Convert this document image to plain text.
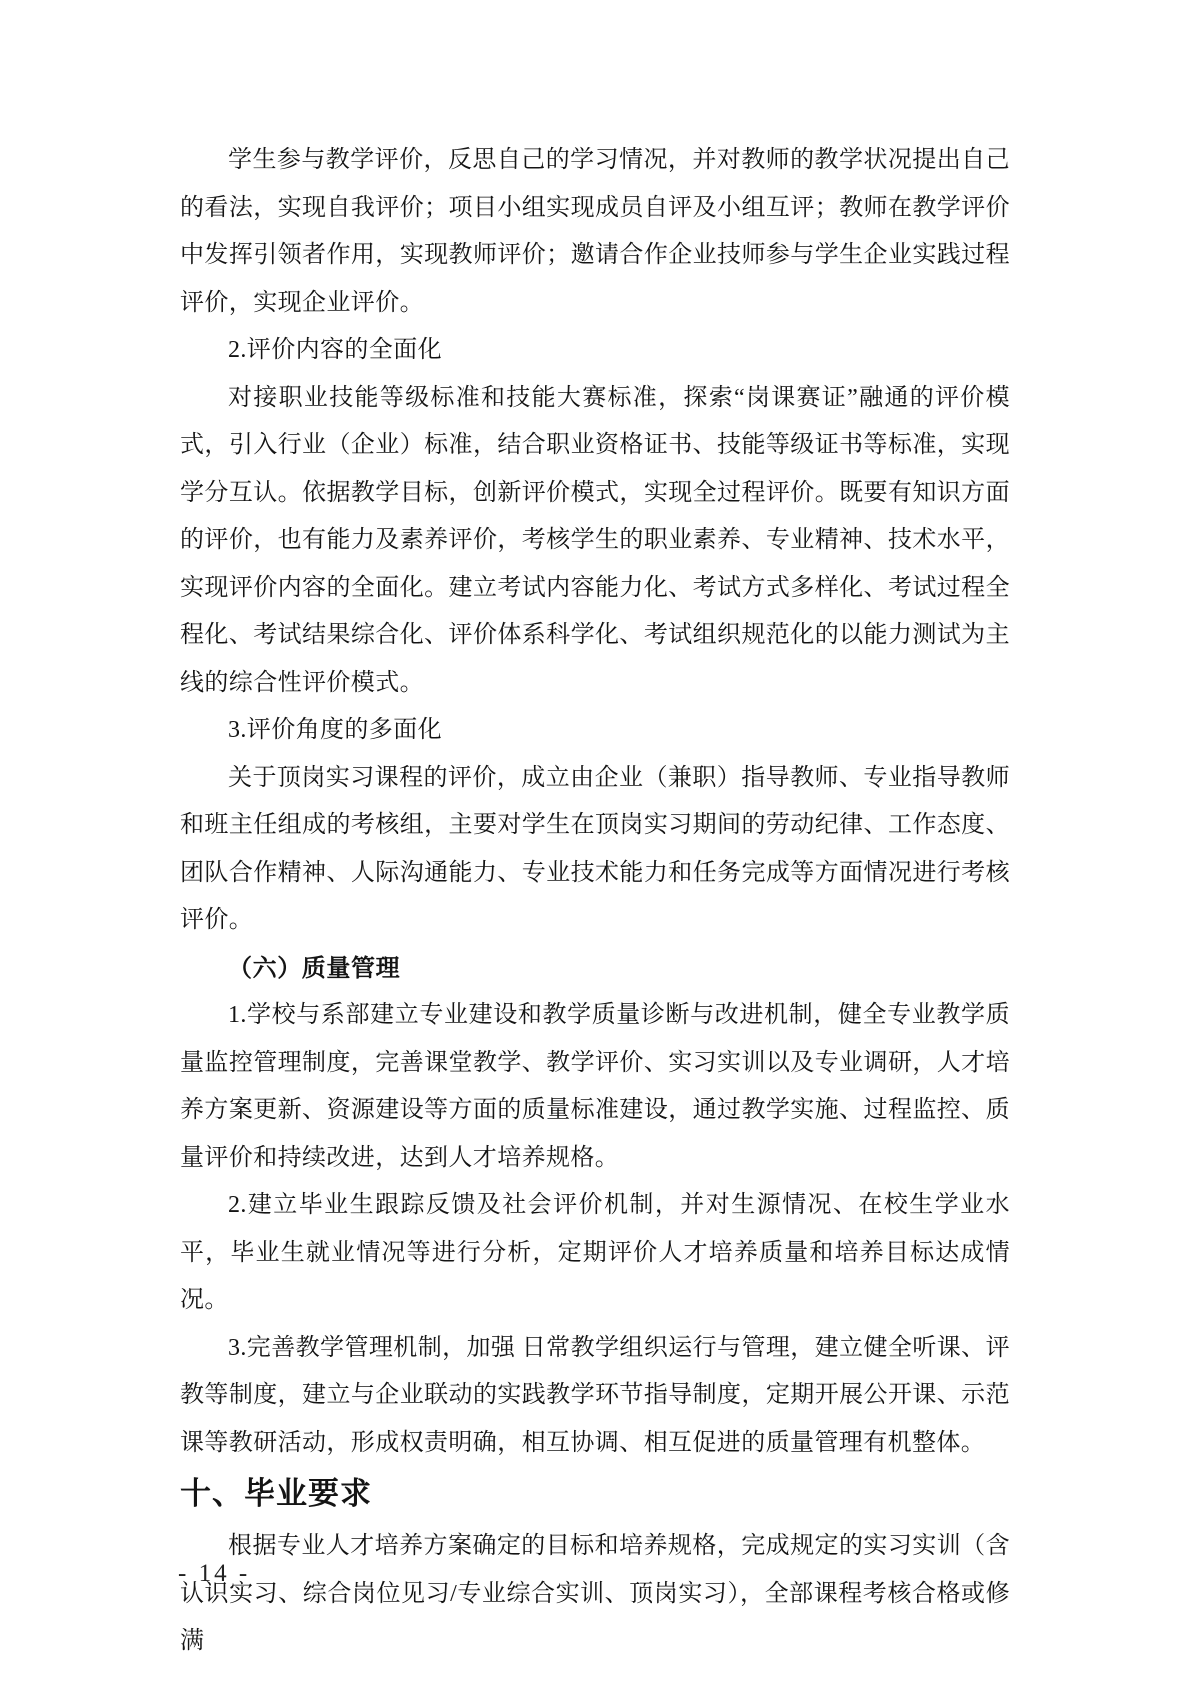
学生参与教学评价，反思自己的学习情况，并对教师的教学状况提出自己的看法，实现自我评价；项目小组实现成员自评及小组互评；教师在教学评价中发挥引领者作用，实现教师评价；邀请合作企业技师参与学生企业实践过程评价，实现企业评价。

2.评价内容的全面化

对接职业技能等级标准和技能大赛标准，探索“岗课赛证”融通的评价模式，引入行业（企业）标准，结合职业资格证书、技能等级证书等标准，实现学分互认。依据教学目标，创新评价模式，实现全过程评价。既要有知识方面的评价，也有能力及素养评价，考核学生的职业素养、专业精神、技术水平，实现评价内容的全面化。建立考试内容能力化、考试方式多样化、考试过程全程化、考试结果综合化、评价体系科学化、考试组织规范化的以能力测试为主线的综合性评价模式。

3.评价角度的多面化

关于顶岗实习课程的评价，成立由企业（兼职）指导教师、专业指导教师和班主任组成的考核组，主要对学生在顶岗实习期间的劳动纪律、工作态度、团队合作精神、人际沟通能力、专业技术能力和任务完成等方面情况进行考核评价。

（六）质量管理

1.学校与系部建立专业建设和教学质量诊断与改进机制，健全专业教学质量监控管理制度，完善课堂教学、教学评价、实习实训以及专业调研，人才培养方案更新、资源建设等方面的质量标准建设，通过教学实施、过程监控、质量评价和持续改进，达到人才培养规格。

2.建立毕业生跟踪反馈及社会评价机制，并对生源情况、在校生学业水平，毕业生就业情况等进行分析，定期评价人才培养质量和培养目标达成情况。

3.完善教学管理机制，加强 日常教学组织运行与管理，建立健全听课、评教等制度，建立与企业联动的实践教学环节指导制度，定期开展公开课、示范课等教研活动，形成权责明确，相互协调、相互促进的质量管理有机整体。

十、毕业要求

根据专业人才培养方案确定的目标和培养规格，完成规定的实习实训（含认识实习、综合岗位见习/专业综合实训、顶岗实习），全部课程考核合格或修满

- 14 -
